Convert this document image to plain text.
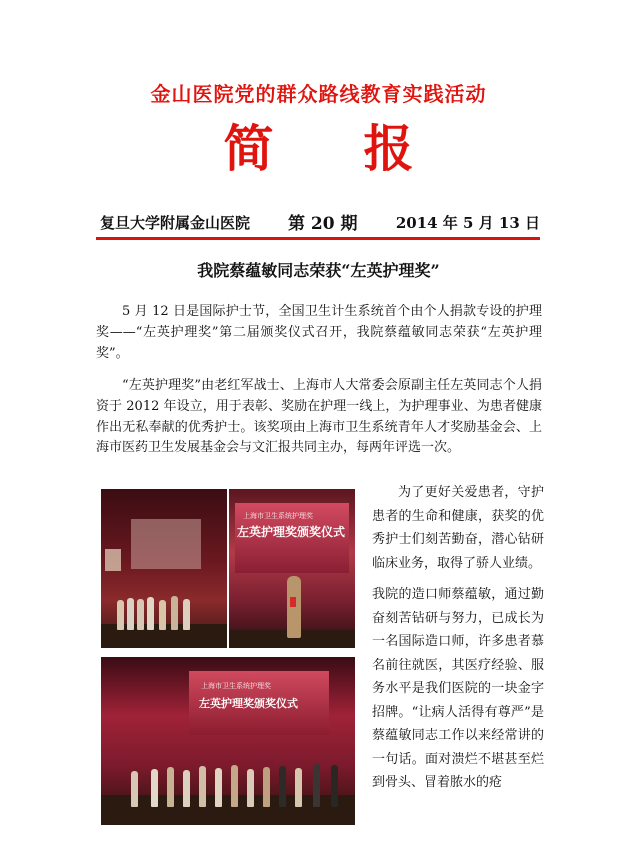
金山医院党的群众路线教育实践活动
简报
复旦大学附属金山医院 第 20 期	2014 年 5 月 13 日
我院蔡蕴敏同志荣获“左英护理奖”

5 月 12 日是国际护士节，全国卫生计生系统首个由个人捐款专设的护理奖——“左英护理奖”第二届颁奖仪式召开，我院蔡蕴敏同志荣获“左英护理奖”。

“左英护理奖”由老红军战士、上海市人大常委会原副主任左英同志个人捐资于 2012 年设立，用于表彰、奖励在护理一线上，为护理事业、为患者健康作出无私奉献的优秀护士。该奖项由上海市卫生系统青年人才奖励基金会、上海市医药卫生发展基金会与文汇报共同主办，每两年评选一次。

上海市卫生系统护理奖
左英护理奖颁奖仪式
上海市卫生系统护理奖
左英护理奖颁奖仪式

为了更好关爱患者，守护患者的生命和健康，获奖的优秀护士们刻苦勤奋，潜心钻研临床业务，取得了骄人业绩。

我院的造口师蔡蕴敏，通过勤奋刻苦钻研与努力，已成长为一名国际造口师，许多患者慕名前往就医，其医疗经验、服务水平是我们医院的一块金字招牌。“让病人活得有尊严”是蔡蕴敏同志工作以来经常讲的一句话。面对溃烂不堪甚至烂到骨头、冒着脓水的疮
